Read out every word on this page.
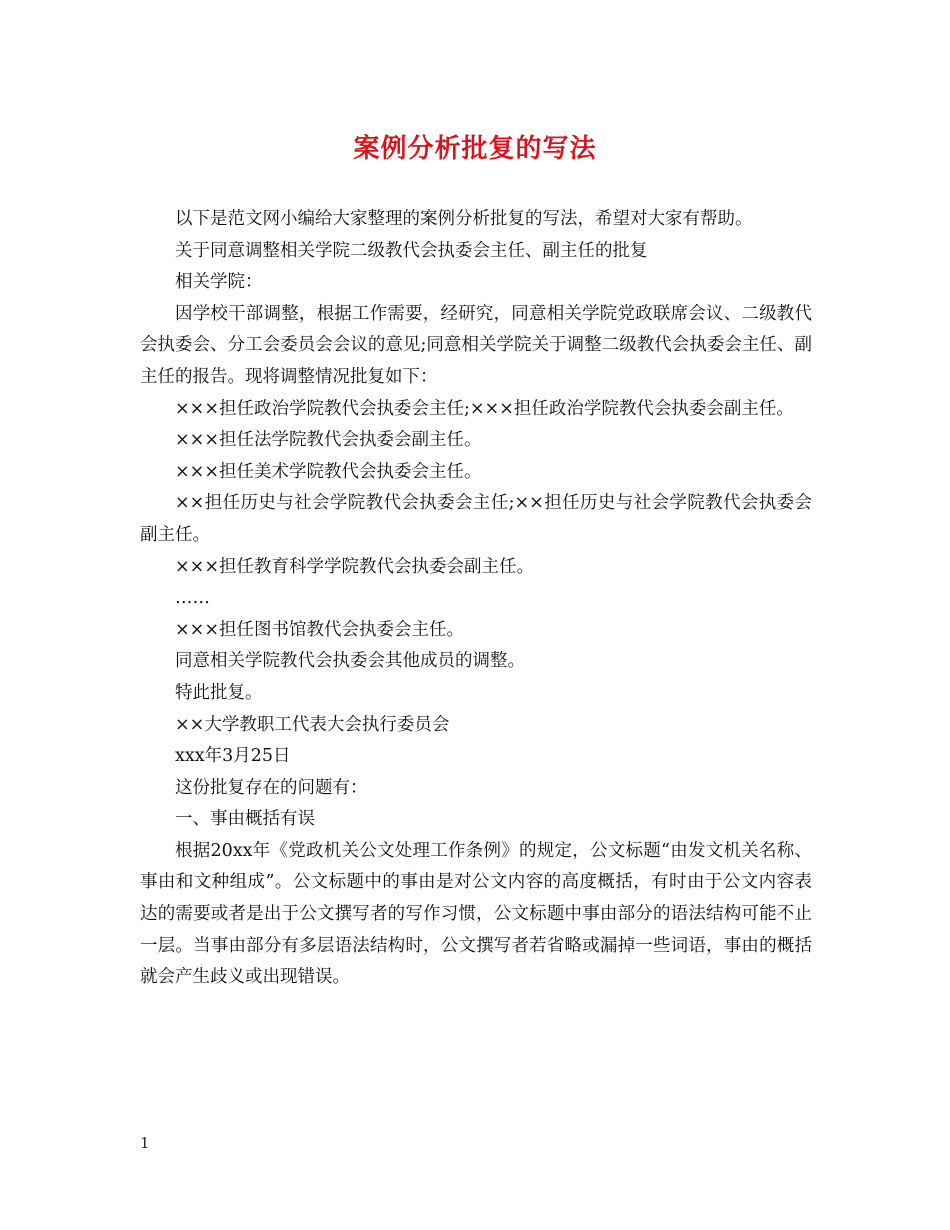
案例分析批复的写法

以下是范文网小编给大家整理的案例分析批复的写法，希望对大家有帮助。

关于同意调整相关学院二级教代会执委会主任、副主任的批复

相关学院：

因学校干部调整，根据工作需要，经研究，同意相关学院党政联席会议、二级教代会执委会、分工会委员会会议的意见;同意相关学院关于调整二级教代会执委会主任、副主任的报告。现将调整情况批复如下：

×××担任政治学院教代会执委会主任;×××担任政治学院教代会执委会副主任。

×××担任法学院教代会执委会副主任。

×××担任美术学院教代会执委会主任。

××担任历史与社会学院教代会执委会主任;××担任历史与社会学院教代会执委会副主任。

×××担任教育科学学院教代会执委会副主任。

……

×××担任图书馆教代会执委会主任。

同意相关学院教代会执委会其他成员的调整。

特此批复。

××大学教职工代表大会执行委员会

xxx年3月25日

这份批复存在的问题有：

一、事由概括有误

根据20xx年《党政机关公文处理工作条例》的规定，公文标题“由发文机关名称、事由和文种组成”。公文标题中的事由是对公文内容的高度概括，有时由于公文内容表达的需要或者是出于公文撰写者的写作习惯，公文标题中事由部分的语法结构可能不止一层。当事由部分有多层语法结构时，公文撰写者若省略或漏掉一些词语，事由的概括就会产生歧义或出现错误。

1
